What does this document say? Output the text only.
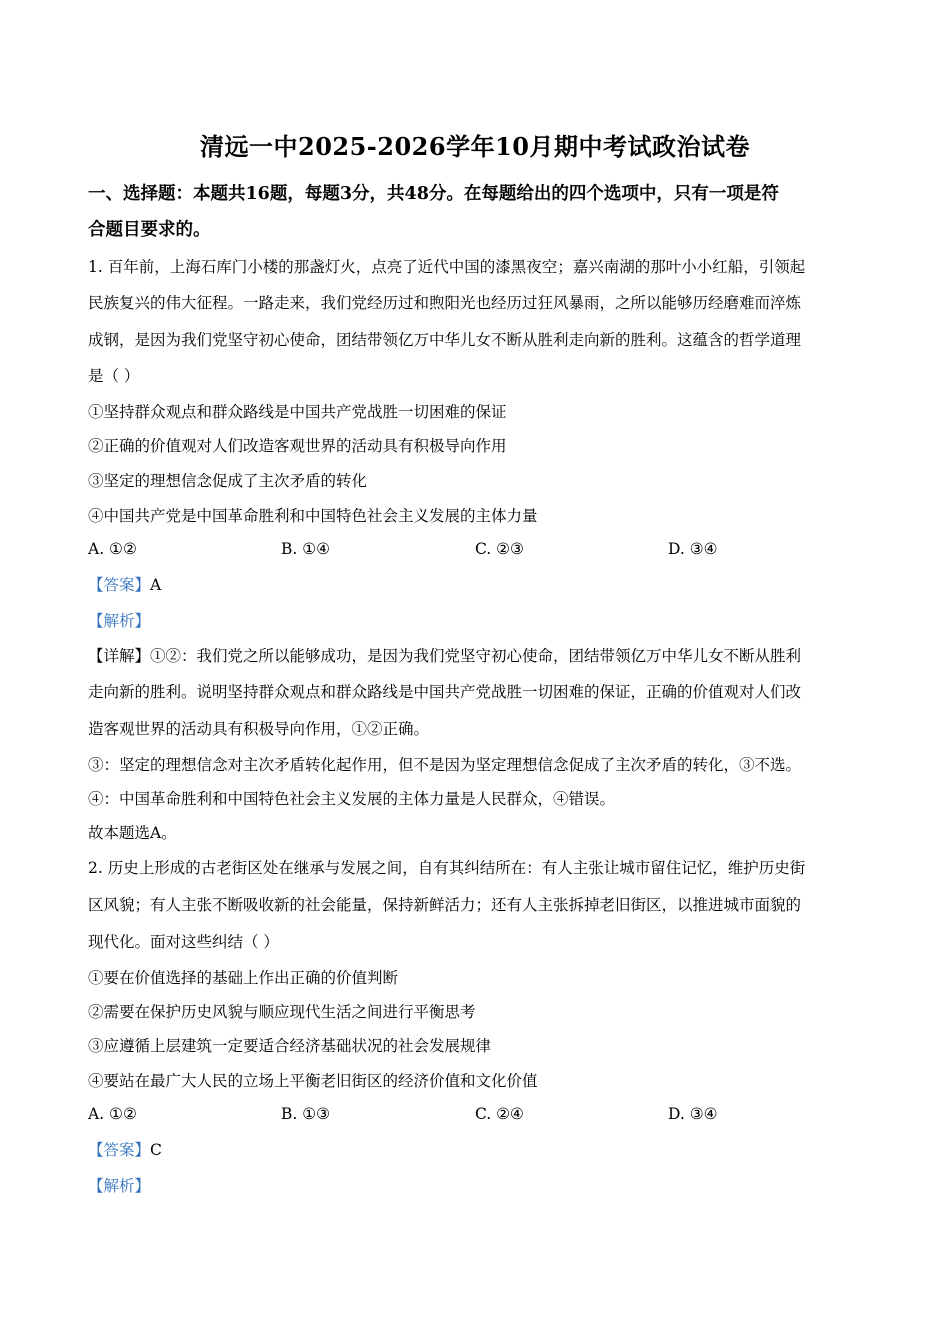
清远一中2025-2026学年10月期中考试政治试卷
一、选择题：本题共16题，每题3分，共48分。在每题给出的四个选项中，只有一项是符
合题目要求的。
1. 百年前，上海石库门小楼的那盏灯火，点亮了近代中国的漆黑夜空；嘉兴南湖的那叶小小红船，引领起
民族复兴的伟大征程。一路走来，我们党经历过和煦阳光也经历过狂风暴雨，之所以能够历经磨难而淬炼
成钢，是因为我们党坚守初心使命，团结带领亿万中华儿女不断从胜利走向新的胜利。这蕴含的哲学道理
是（ ）
①坚持群众观点和群众路线是中国共产党战胜一切困难的保证
②正确的价值观对人们改造客观世界的活动具有积极导向作用
③坚定的理想信念促成了主次矛盾的转化
④中国共产党是中国革命胜利和中国特色社会主义发展的主体力量
A. ①②	B. ①④	C. ②③	D. ③④
【答案】A
【解析】
【详解】①②：我们党之所以能够成功，是因为我们党坚守初心使命，团结带领亿万中华儿女不断从胜利
走向新的胜利。说明坚持群众观点和群众路线是中国共产党战胜一切困难的保证，正确的价值观对人们改
造客观世界的活动具有积极导向作用，①②正确。
③：坚定的理想信念对主次矛盾转化起作用，但不是因为坚定理想信念促成了主次矛盾的转化，③不选。
④：中国革命胜利和中国特色社会主义发展的主体力量是人民群众，④错误。
故本题选A。
2. 历史上形成的古老街区处在继承与发展之间，自有其纠结所在：有人主张让城市留住记忆，维护历史街
区风貌；有人主张不断吸收新的社会能量，保持新鲜活力；还有人主张拆掉老旧街区，以推进城市面貌的
现代化。面对这些纠结（ ）
①要在价值选择的基础上作出正确的价值判断
②需要在保护历史风貌与顺应现代生活之间进行平衡思考
③应遵循上层建筑一定要适合经济基础状况的社会发展规律
④要站在最广大人民的立场上平衡老旧街区的经济价值和文化价值
A. ①②	B. ①③	C. ②④	D. ③④
【答案】C
【解析】
